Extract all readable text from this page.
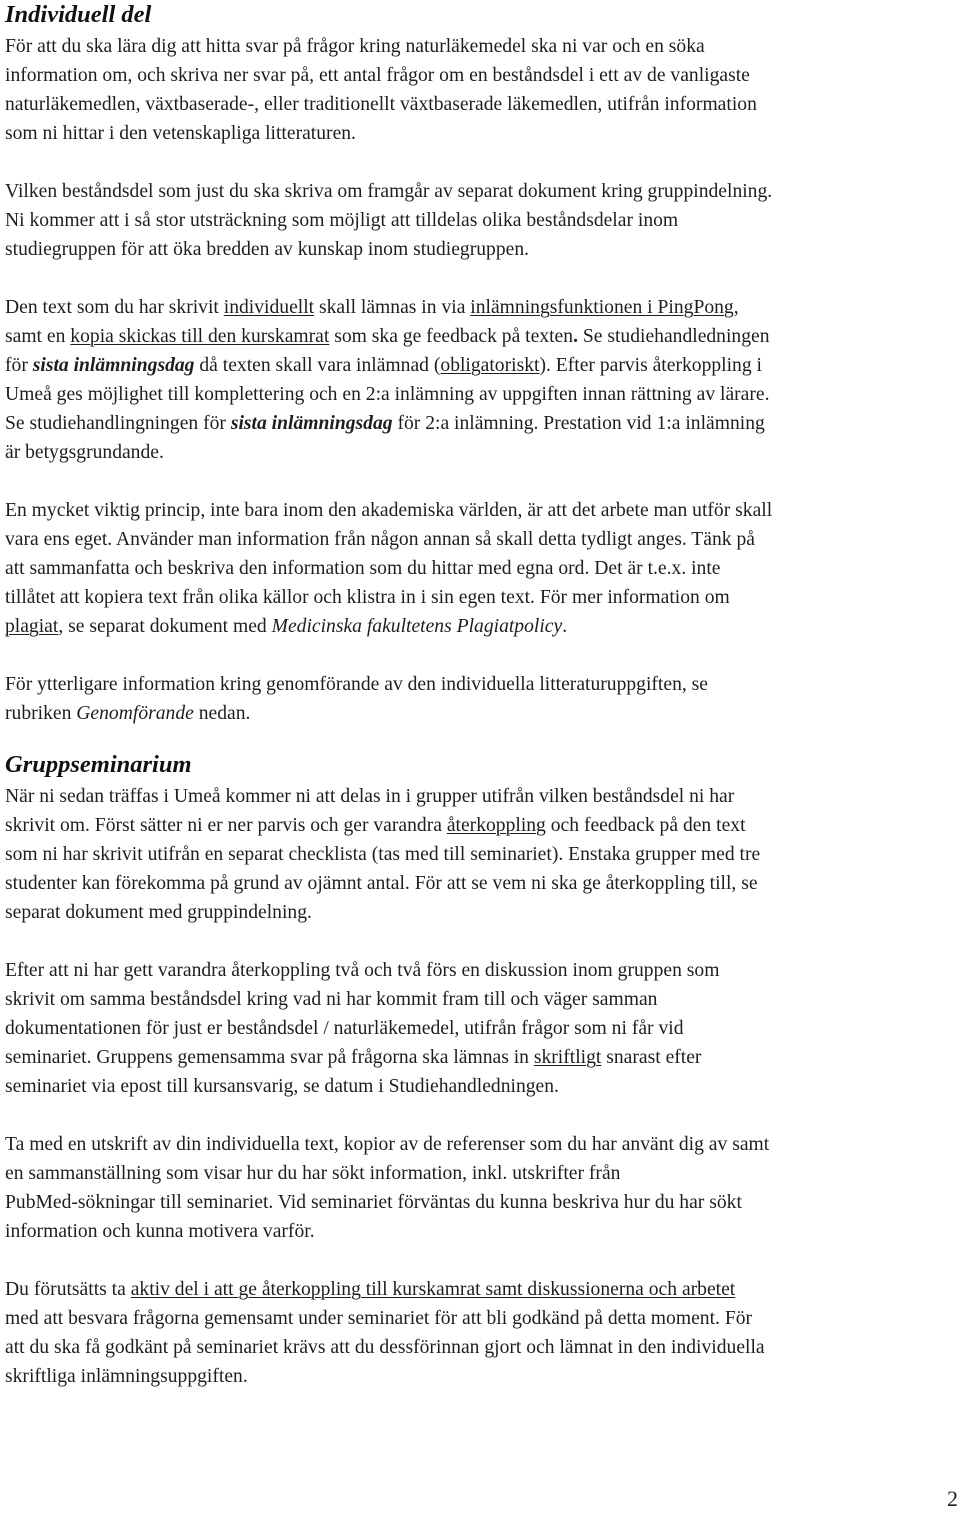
Individuell del

För att du ska lära dig att hitta svar på frågor kring naturläkemedel ska ni var och en söka
information om, och skriva ner svar på, ett antal frågor om en beståndsdel i ett av de vanligaste
naturläkemedlen, växtbaserade-, eller traditionellt växtbaserade läkemedlen, utifrån information
som ni hittar i den vetenskapliga litteraturen.

Vilken beståndsdel som just du ska skriva om framgår av separat dokument kring gruppindelning.
Ni kommer att i så stor utsträckning som möjligt att tilldelas olika beståndsdelar inom
studiegruppen för att öka bredden av kunskap inom studiegruppen.

Den text som du har skrivit individuellt skall lämnas in via inlämningsfunktionen i PingPong,
samt en kopia skickas till den kurskamrat som ska ge feedback på texten. Se studiehandledningen
för sista inlämningsdag då texten skall vara inlämnad (obligatoriskt). Efter parvis återkoppling i
Umeå ges möjlighet till komplettering och en 2:a inlämning av uppgiften innan rättning av lärare.
Se studiehandlingningen för sista inlämningsdag för 2:a inlämning. Prestation vid 1:a inlämning
är betygsgrundande.

En mycket viktig princip, inte bara inom den akademiska världen, är att det arbete man utför skall
vara ens eget. Använder man information från någon annan så skall detta tydligt anges. Tänk på
att sammanfatta och beskriva den information som du hittar med egna ord. Det är t.e.x. inte
tillåtet att kopiera text från olika källor och klistra in i sin egen text. För mer information om
plagiat, se separat dokument med Medicinska fakultetens Plagiatpolicy.

För ytterligare information kring genomförande av den individuella litteraturuppgiften, se
rubriken Genomförande nedan.

Gruppseminarium

När ni sedan träffas i Umeå kommer ni att delas in i grupper utifrån vilken beståndsdel ni har
skrivit om. Först sätter ni er ner parvis och ger varandra återkoppling och feedback på den text
som ni har skrivit utifrån en separat checklista (tas med till seminariet). Enstaka grupper med tre
studenter kan förekomma på grund av ojämnt antal. För att se vem ni ska ge återkoppling till, se
separat dokument med gruppindelning.

Efter att ni har gett varandra återkoppling två och två förs en diskussion inom gruppen som
skrivit om samma beståndsdel kring vad ni har kommit fram till och väger samman
dokumentationen för just er beståndsdel / naturläkemedel, utifrån frågor som ni får vid
seminariet. Gruppens gemensamma svar på frågorna ska lämnas in skriftligt snarast efter
seminariet via epost till kursansvarig, se datum i Studiehandledningen.

Ta med en utskrift av din individuella text, kopior av de referenser som du har använt dig av samt
en sammanställning som visar hur du har sökt information, inkl. utskrifter från
PubMed-sökningar till seminariet. Vid seminariet förväntas du kunna beskriva hur du har sökt
information och kunna motivera varför.

Du förutsätts ta aktiv del i att ge återkoppling till kurskamrat samt diskussionerna och arbetet
med att besvara frågorna gemensamt under seminariet för att bli godkänd på detta moment. För
att du ska få godkänt på seminariet krävs att du dessförinnan gjort och lämnat in den individuella
skriftliga inlämningsuppgiften.

2
